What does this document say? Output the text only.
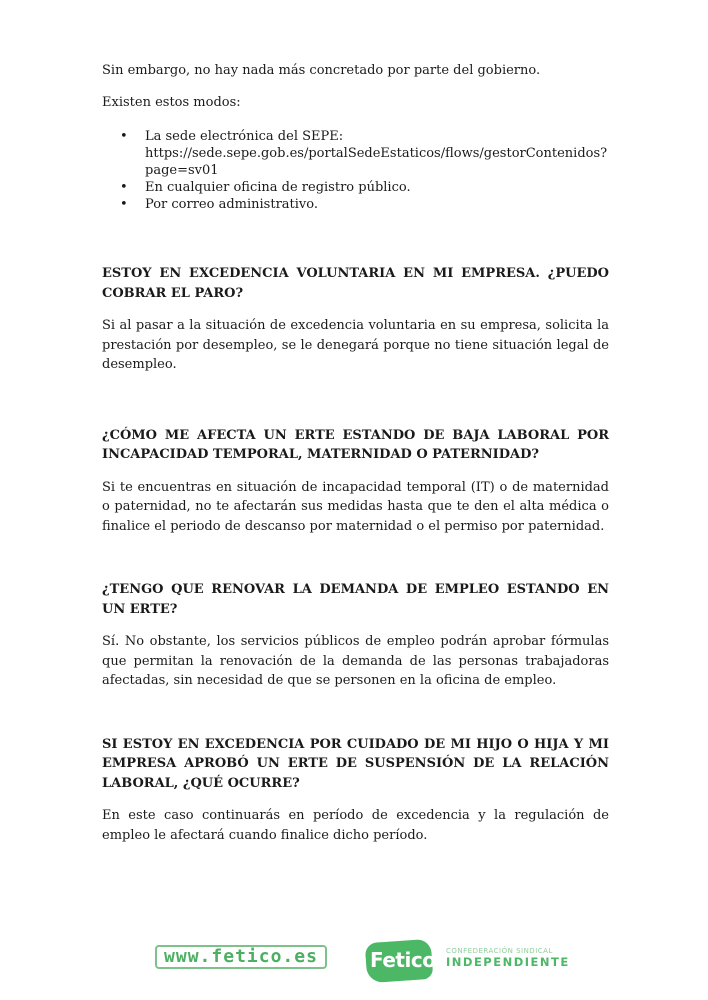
Sin embargo, no hay nada más concretado por parte del gobierno.

Existen estos modos:

• La sede electrónica del SEPE:
https://sede.sepe.gob.es/portalSedeEstaticos/flows/gestorContenidos?page=sv01
• En cualquier oficina de registro público.
• Por correo administrativo.
ESTOY EN EXCEDENCIA VOLUNTARIA EN MI EMPRESA. ¿PUEDO COBRAR EL PARO?

Si al pasar a la situación de excedencia voluntaria en su empresa, solicita la prestación por desempleo, se le denegará porque no tiene situación legal de desempleo.

¿CÓMO ME AFECTA UN ERTE ESTANDO DE BAJA LABORAL POR INCAPACIDAD TEMPORAL, MATERNIDAD O PATERNIDAD?

Si te encuentras en situación de incapacidad temporal (IT) o de maternidad o paternidad, no te afectarán sus medidas hasta que te den el alta médica o finalice el periodo de descanso por maternidad o el permiso por paternidad.

¿TENGO QUE RENOVAR LA DEMANDA DE EMPLEO ESTANDO EN UN ERTE?

Sí. No obstante, los servicios públicos de empleo podrán aprobar fórmulas que permitan la renovación de la demanda de las personas trabajadoras afectadas, sin necesidad de que se personen en la oficina de empleo.

SI ESTOY EN EXCEDENCIA POR CUIDADO DE MI HIJO O HIJA Y MI EMPRESA APROBÓ UN ERTE DE SUSPENSIÓN DE LA RELACIÓN LABORAL, ¿QUÉ OCURRE?

En este caso continuarás en período de excedencia y la regulación de empleo le afectará cuando finalice dicho período.

www.fetico.es	Fetico CONFEDERACIÓN SINDICAL
INDEPENDIENTE
